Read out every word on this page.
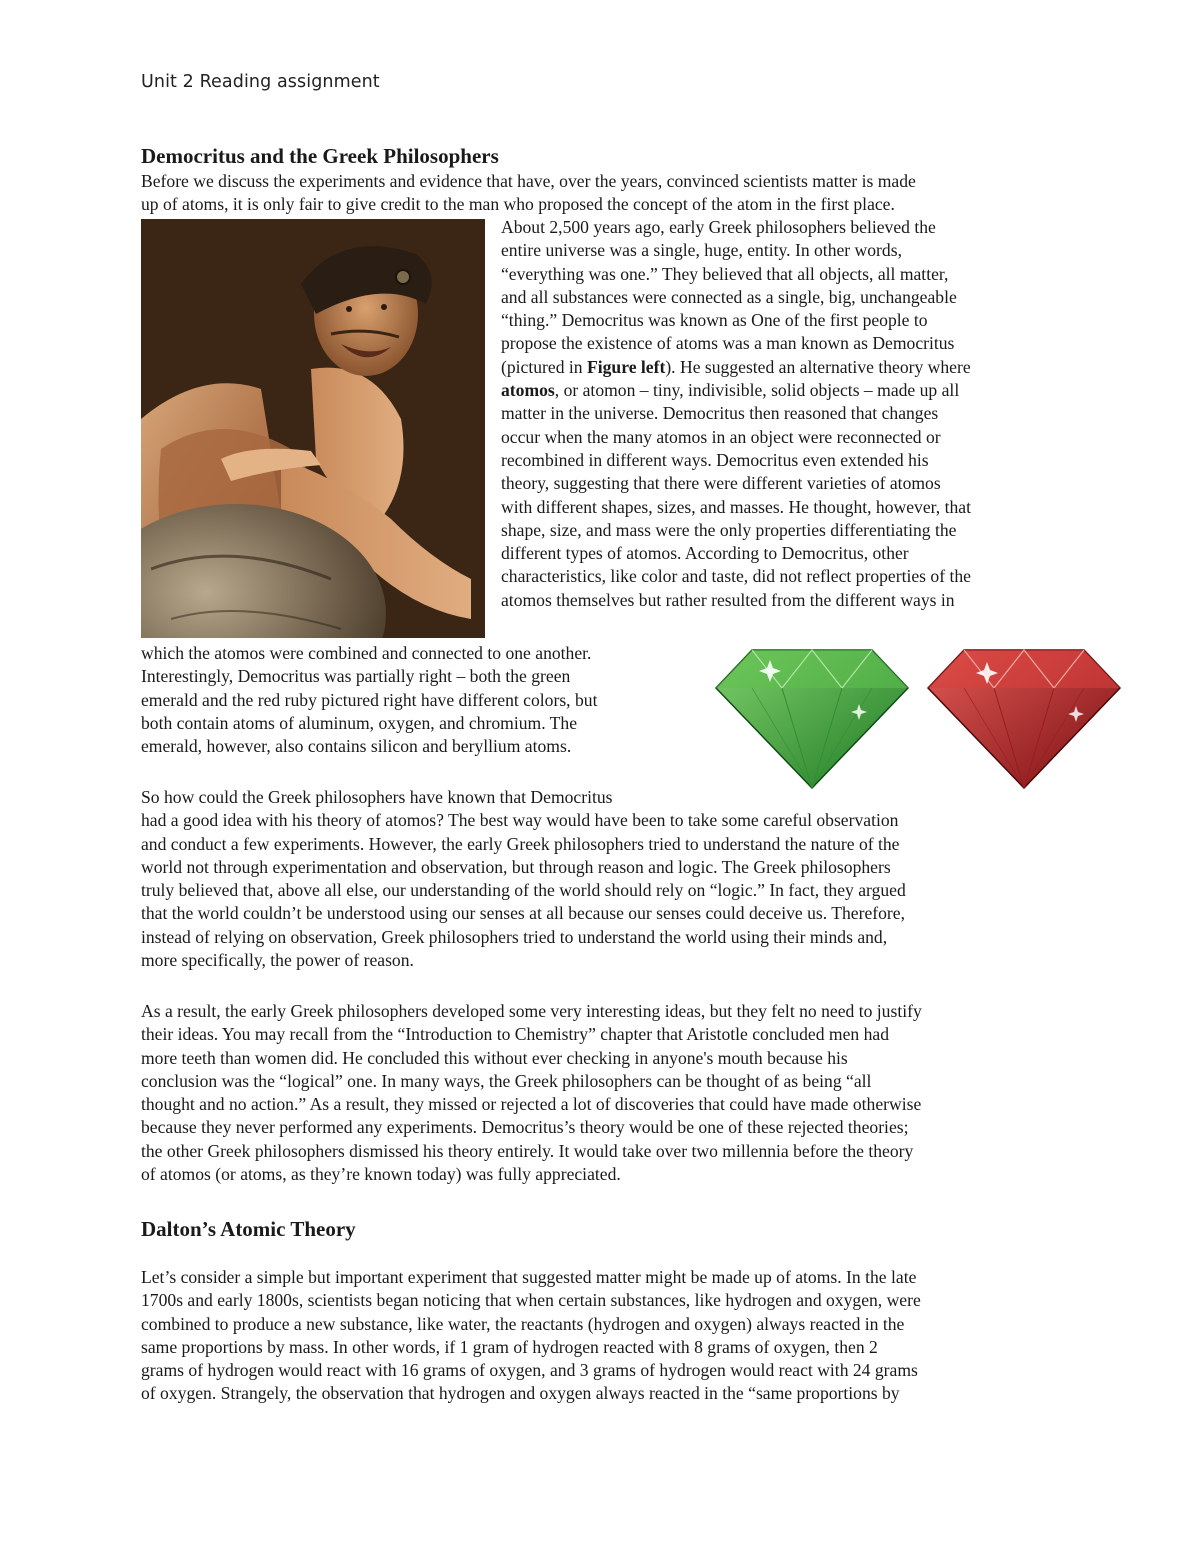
Unit 2 Reading assignment
Democritus and the Greek Philosophers
Before we discuss the experiments and evidence that have, over the years, convinced scientists matter is made
up of atoms, it is only fair to give credit to the man who proposed the concept of the atom in the first place.
About 2,500 years ago, early Greek philosophers believed the
entire universe was a single, huge, entity. In other words,
“everything was one.” They believed that all objects, all matter,
and all substances were connected as a single, big, unchangeable
“thing.” Democritus was known as One of the first people to
propose the existence of atoms was a man known as Democritus
(pictured in Figure left). He suggested an alternative theory where
atomos, or atomon – tiny, indivisible, solid objects – made up all
matter in the universe. Democritus then reasoned that changes
occur when the many atomos in an object were reconnected or
recombined in different ways. Democritus even extended his
theory, suggesting that there were different varieties of atomos
with different shapes, sizes, and masses. He thought, however, that
shape, size, and mass were the only properties differentiating the
different types of atomos. According to Democritus, other
characteristics, like color and taste, did not reflect properties of the
atomos themselves but rather resulted from the different ways in
which the atomos were combined and connected to one another.
Interestingly, Democritus was partially right – both the green
emerald and the red ruby pictured right have different colors, but
both contain atoms of aluminum, oxygen, and chromium. The
emerald, however, also contains silicon and beryllium atoms.
So how could the Greek philosophers have known that Democritus
had a good idea with his theory of atomos? The best way would have been to take some careful observation
and conduct a few experiments. However, the early Greek philosophers tried to understand the nature of the
world not through experimentation and observation, but through reason and logic. The Greek philosophers
truly believed that, above all else, our understanding of the world should rely on “logic.” In fact, they argued
that the world couldn’t be understood using our senses at all because our senses could deceive us. Therefore,
instead of relying on observation, Greek philosophers tried to understand the world using their minds and,
more specifically, the power of reason.
As a result, the early Greek philosophers developed some very interesting ideas, but they felt no need to justify
their ideas. You may recall from the “Introduction to Chemistry” chapter that Aristotle concluded men had
more teeth than women did. He concluded this without ever checking in anyone's mouth because his
conclusion was the “logical” one. In many ways, the Greek philosophers can be thought of as being “all
thought and no action.” As a result, they missed or rejected a lot of discoveries that could have made otherwise
because they never performed any experiments. Democritus’s theory would be one of these rejected theories;
the other Greek philosophers dismissed his theory entirely. It would take over two millennia before the theory
of atomos (or atoms, as they’re known today) was fully appreciated.
Dalton’s Atomic Theory
Let’s consider a simple but important experiment that suggested matter might be made up of atoms. In the late
1700s and early 1800s, scientists began noticing that when certain substances, like hydrogen and oxygen, were
combined to produce a new substance, like water, the reactants (hydrogen and oxygen) always reacted in the
same proportions by mass. In other words, if 1 gram of hydrogen reacted with 8 grams of oxygen, then 2
grams of hydrogen would react with 16 grams of oxygen, and 3 grams of hydrogen would react with 24 grams
of oxygen. Strangely, the observation that hydrogen and oxygen always reacted in the “same proportions by
